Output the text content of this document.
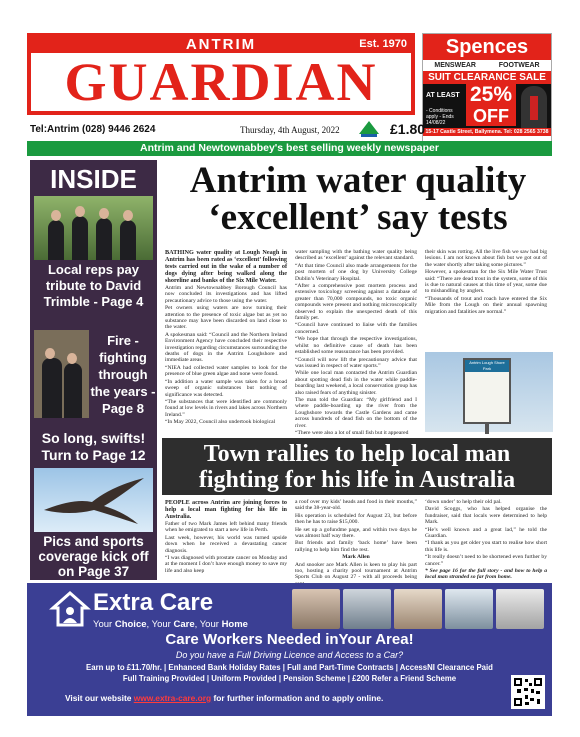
ANTRIM	Est. 1970
GUARDIAN
Spences
MENSWEAR	FOOTWEAR
SUIT CLEARANCE SALE
AT LEAST
- Conditions apply - Ends 14/08/22
25%
OFF
15-17 Castle Street, Ballymena. Tel: 028 2565 3738
Tel:Antrim (028) 9446 2624	Thursday, 4th August, 2022	£1.80
Antrim and Newtownabbey's best selling weekly newspaper
INSIDE
Local reps pay tribute to David Trimble - Page 4
Fire - fighting through the years - Page 8
So long, swifts! Turn to Page 12
Pics and sports coverage kick off on Page 37
Antrim water quality ‘excellent’ say tests

BATHING water quality at Lough Neagh in Antrim has been rated as ‘excellent’ following tests carried out in the wake of a number of dogs dying after being walked along the shoreline and banks of the Six Mile Water.

Antrim and Newtownabbey Borough Council has now concluded its investigations and has lifted precautionary advice to those using the water.

Pet owners using waters are now turning their attention to the presence of toxic algae but as yet no substance may have been discarded on land close to the water.

A spokesman said: “Council and the Northern Ireland Environment Agency have concluded their respective investigation regarding circumstances surrounding the deaths of dogs in the Antrim Loughshore and immediate areas.

“NIEA had collected water samples to look for the presence of blue green algae and none were found.

“In addition a water sample was taken for a broad sweep of organic substances but nothing of significance was detected.

“The substances that were identified are commonly found at low levels in rivers and lakes across Northern Ireland.”

“In May 2022, Council also undertook biological

water sampling with the bathing water quality being described as ‘excellent’ against the relevant standard.

“At that time Council also made arrangements for the post mortem of one dog by University College Dublin’s Veterinary Hospital.

“After a comprehensive post mortem process and extensive toxicology screening against a database of greater than 70,000 compounds, no toxic organic compounds were present and nothing microscopically observed to explain the unexpected death of this family pet.

“Council have continued to liaise with the families concerned.

“We hope that through the respective investigations, whilst no definitive cause of death has been established some reassurance has been provided.

“Council will now lift the precautionary advice that was issued in respect of water sports.”

While one local man contacted the Antrim Guardian about spotting dead fish in the water while paddle-boarding last weekend, a local conservation group has also raised fears of anything sinister.

The man told the Guardian: “My girlfriend and I where paddle-boarding up the river from the Loughshore towards the Castle Gardens and came across hundreds of dead fish on the bottom of the river.

“There were also a lot of small fish but it appeared

their skin was rotting. All the live fish we saw had big lesions. I am not known about fish but we got out of the water shortly after taking some pictures.”

However, a spokesman for the Six Mile Water Trust said: “There are dead trout in the system, some of this is due to natural causes at this time of year, some due to mishandling by anglers.

“Thousands of trout and roach have entered the Six Mile from the Lough on their annual spawning migration and fatalities are normal.”

Antrim Lough Shore Park
Town rallies to help local man fighting for his life in Australia

PEOPLE across Antrim are joining forces to help a local man fighting for his life in Australia.

Father of two Mark James left behind many friends when he emigrated to start a new life in Perth.

Last week, however, his world was turned upside down when he received a devastating cancer diagnosis.

“I was diagnosed with prostate cancer on Monday and at the moment I don’t have enough money to save my life and also keep

a roof over my kids’ heads and food in their mouths,” said the 38-year-old.

His operation is scheduled for August 23, but before then he has to raise $15,000.

He set up a gofundme page, and within two days he was almost half way there.

But friends and family ‘back home’ have been rallying to help him find the rest.

Mark Allen

And snooker ace Mark Allen is keen to play his part too, hosting a charity pool tournament at Antrim Sports Club on August 27 - with all proceeds being

‘down under’ to help their old pal.

David Scoggs, who has helped organise the fundraiser, said that locals were determined to help Mark.

“He’s well known and a great lad,” he told the Guardian.

“I thank as you get older you start to realise how short this life is.

“It really doesn’t need to be shortened even further by cancer.”

* See page 16 for the full story - and how to help a local man stranded so far from home.

Extra Care
Your Choice, Your Care, Your Home
Care Workers Needed inYour Area!
Do you have a Full Driving Licence and Access to a Car?
Earn up to £11.70/hr. | Enhanced Bank Holiday Rates | Full and Part-Time Contracts | AccessNI Clearance Paid
Full Training Provided | Uniform Provided | Pension Scheme | £200 Refer a Friend Scheme
Visit our website www.extra-care.org for further information and to apply online.
